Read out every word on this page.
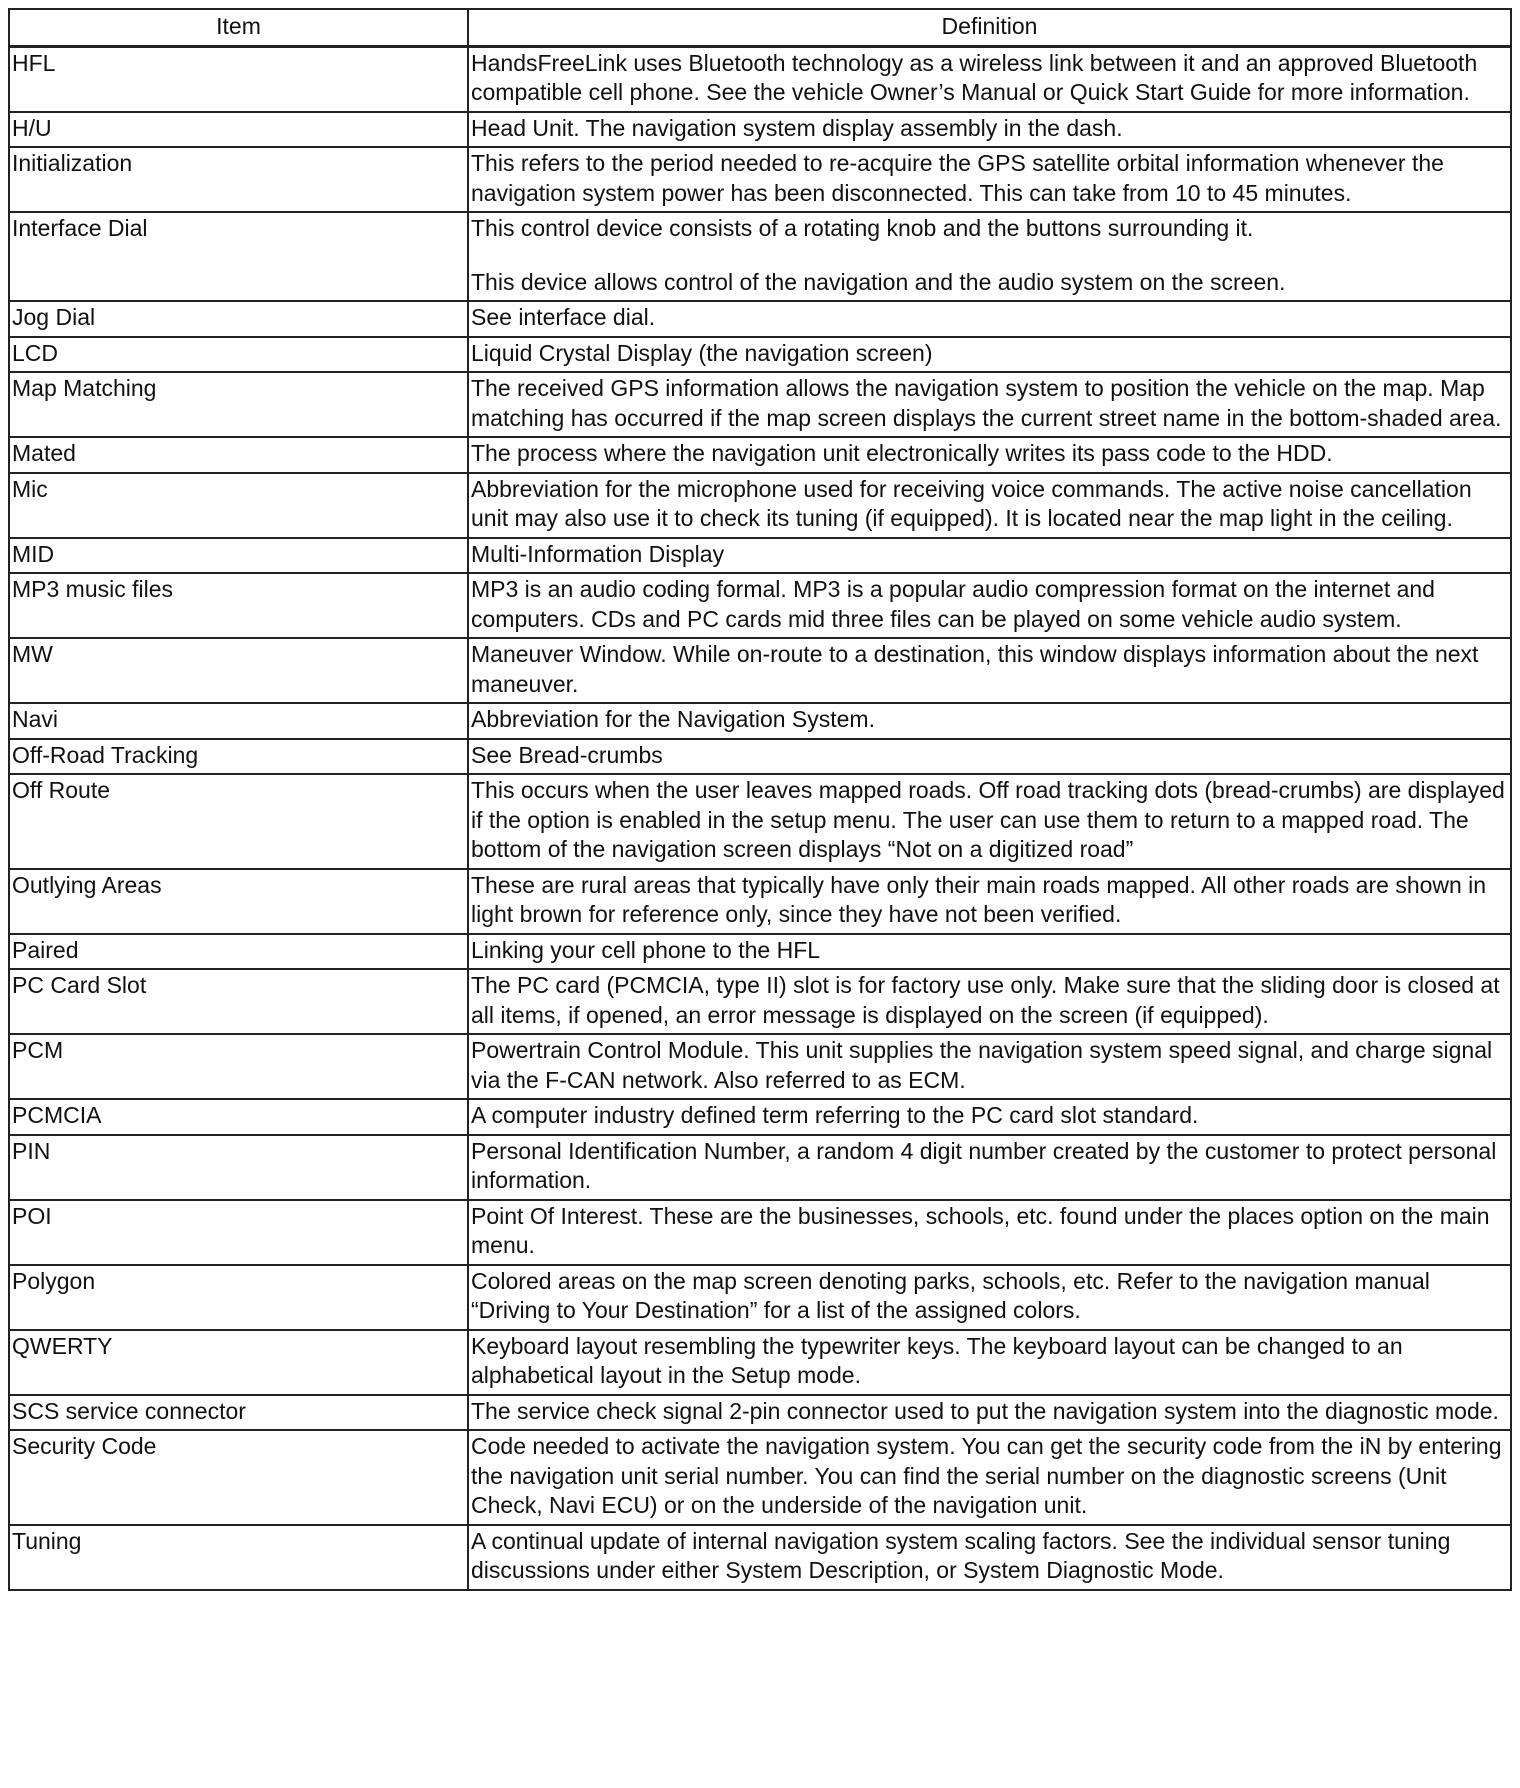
Item	Definition
HFL	HandsFreeLink uses Bluetooth technology as a wireless link between it and an approved Bluetooth compatible cell phone. See the vehicle Owner’s Manual or Quick Start Guide for more information.

H/U	Head Unit. The navigation system display assembly in the dash.

Initialization	This refers to the period needed to re-acquire the GPS satellite orbital information whenever the navigation system power has been disconnected. This can take from 10 to 45 minutes.

Interface Dial	This control device consists of a rotating knob and the buttons surrounding it.
This device allows control of the navigation and the audio system on the screen.

Jog Dial	See interface dial.

LCD	Liquid Crystal Display (the navigation screen)

Map Matching	The received GPS information allows the navigation system to position the vehicle on the map. Map matching has occurred if the map screen displays the current street name in the bottom-shaded area.

Mated	The process where the navigation unit electronically writes its pass code to the HDD.

Mic	Abbreviation for the microphone used for receiving voice commands. The active noise cancellation unit may also use it to check its tuning (if equipped). It is located near the map light in the ceiling.

MID	Multi-Information Display

MP3 music files	MP3 is an audio coding formal. MP3 is a popular audio compression format on the internet and computers. CDs and PC cards mid three files can be played on some vehicle audio system.

MW	Maneuver Window. While on-route to a destination, this window displays information about the next maneuver.

Navi	Abbreviation for the Navigation System.

Off-Road Tracking	See Bread-crumbs

Off Route	This occurs when the user leaves mapped roads. Off road tracking dots (bread-crumbs) are displayed if the option is enabled in the setup menu. The user can use them to return to a mapped road. The bottom of the navigation screen displays “Not on a digitized road”

Outlying Areas	These are rural areas that typically have only their main roads mapped. All other roads are shown in light brown for reference only, since they have not been verified.

Paired	Linking your cell phone to the HFL

PC Card Slot	The PC card (PCMCIA, type II) slot is for factory use only. Make sure that the sliding door is closed at all items, if opened, an error message is displayed on the screen (if equipped).

PCM	Powertrain Control Module. This unit supplies the navigation system speed signal, and charge signal via the F-CAN network. Also referred to as ECM.

PCMCIA	A computer industry defined term referring to the PC card slot standard.

PIN	Personal Identification Number, a random 4 digit number created by the customer to protect personal information.

POI	Point Of Interest. These are the businesses, schools, etc. found under the places option on the main menu.

Polygon	Colored areas on the map screen denoting parks, schools, etc. Refer to the navigation manual “Driving to Your Destination” for a list of the assigned colors.

QWERTY	Keyboard layout resembling the typewriter keys. The keyboard layout can be changed to an alphabetical layout in the Setup mode.

SCS service connector	The service check signal 2-pin connector used to put the navigation system into the diagnostic mode.

Security Code	Code needed to activate the navigation system. You can get the security code from the iN by entering the navigation unit serial number. You can find the serial number on the diagnostic screens (Unit Check, Navi ECU) or on the underside of the navigation unit.

Tuning	A continual update of internal navigation system scaling factors. See the individual sensor tuning discussions under either System Description, or System Diagnostic Mode.
